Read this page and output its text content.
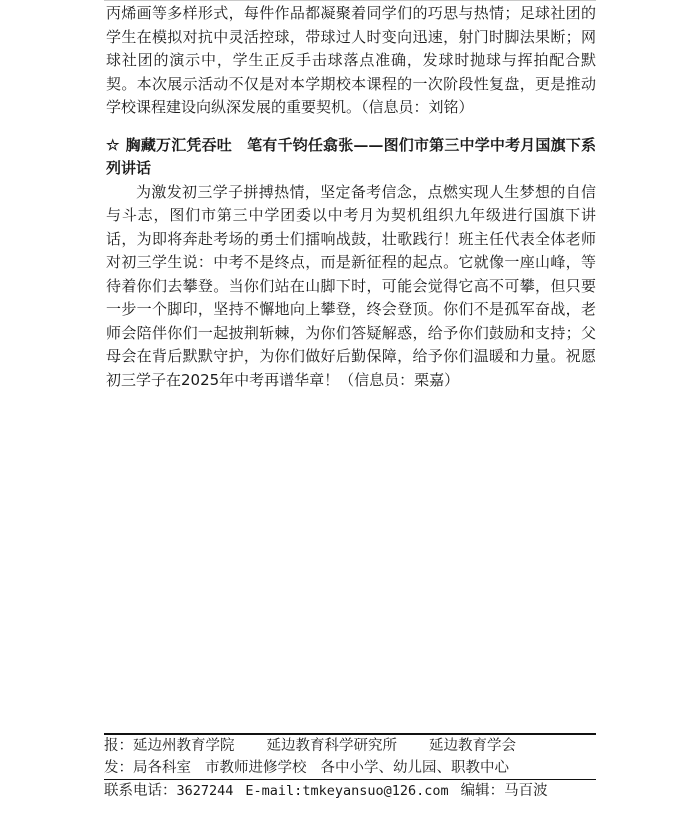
丙烯画等多样形式，每件作品都凝聚着同学们的巧思与热情；足球社团的学生在模拟对抗中灵活控球，带球过人时变向迅速，射门时脚法果断；网球社团的演示中，学生正反手击球落点准确，发球时抛球与挥拍配合默契。本次展示活动不仅是对本学期校本课程的一次阶段性复盘，更是推动学校课程建设向纵深发展的重要契机。（信息员：刘铭）

☆ 胸藏万汇凭吞吐　笔有千钧任翕张——图们市第三中学中考月国旗下系列讲话

为激发初三学子拼搏热情，坚定备考信念，点燃实现人生梦想的自信与斗志，图们市第三中学团委以中考月为契机组织九年级进行国旗下讲话，为即将奔赴考场的勇士们擂响战鼓，壮歌践行！班主任代表全体老师对初三学生说：中考不是终点，而是新征程的起点。它就像一座山峰，等待着你们去攀登。当你们站在山脚下时，可能会觉得它高不可攀，但只要一步一个脚印，坚持不懈地向上攀登，终会登顶。你们不是孤军奋战，老师会陪伴你们一起披荆斩棘，为你们答疑解惑，给予你们鼓励和支持；父母会在背后默默守护，为你们做好后勤保障，给予你们温暖和力量。祝愿初三学子在2025年中考再谱华章！（信息员：栗嘉）

报：延边州教育学院 延边教育科学研究所 延边教育学会
发：局各科室 市教师进修学校 各中小学、幼儿园、职教中心
联系电话：3627244 E-mail:tmkeyansuo@126.com 编辑：马百波
